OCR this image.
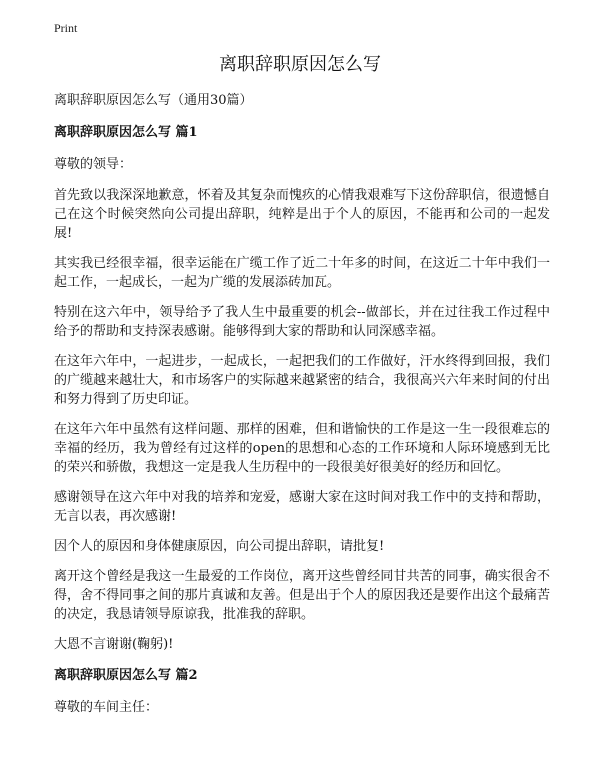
Print
离职辞职原因怎么写

离职辞职原因怎么写（通用30篇）

离职辞职原因怎么写 篇1

尊敬的领导：

首先致以我深深地歉意，怀着及其复杂而愧疚的心情我艰难写下这份辞职信，很遗憾自己在这个时候突然向公司提出辞职，纯粹是出于个人的原因，不能再和公司的一起发展!

其实我已经很幸福，很幸运能在广缆工作了近二十年多的时间，在这近二十年中我们一起工作，一起成长，一起为广缆的发展添砖加瓦。

特别在这六年中，领导给予了我人生中最重要的机会--做部长，并在过往我工作过程中给予的帮助和支持深表感谢。能够得到大家的帮助和认同深感幸福。

在这年六年中，一起进步，一起成长，一起把我们的工作做好，汗水终得到回报，我们的广缆越来越壮大，和市场客户的实际越来越紧密的结合，我很高兴六年来时间的付出和努力得到了历史印证。

在这年六年中虽然有这样问题、那样的困难，但和谐愉快的工作是这一生一段很难忘的幸福的经历，我为曾经有过这样的open的思想和心态的工作环境和人际环境感到无比的荣兴和骄傲，我想这一定是我人生历程中的一段很美好很美好的经历和回忆。

感谢领导在这六年中对我的培养和宠爱，感谢大家在这时间对我工作中的支持和帮助，无言以表，再次感谢!

因个人的原因和身体健康原因，向公司提出辞职，请批复!

离开这个曾经是我这一生最爱的工作岗位，离开这些曾经同甘共苦的同事，确实很舍不得，舍不得同事之间的那片真诚和友善。但是出于个人的原因我还是要作出这个最痛苦的决定，我恳请领导原谅我，批准我的辞职。

大恩不言谢谢(鞠躬)!

离职辞职原因怎么写 篇2

尊敬的车间主任：
